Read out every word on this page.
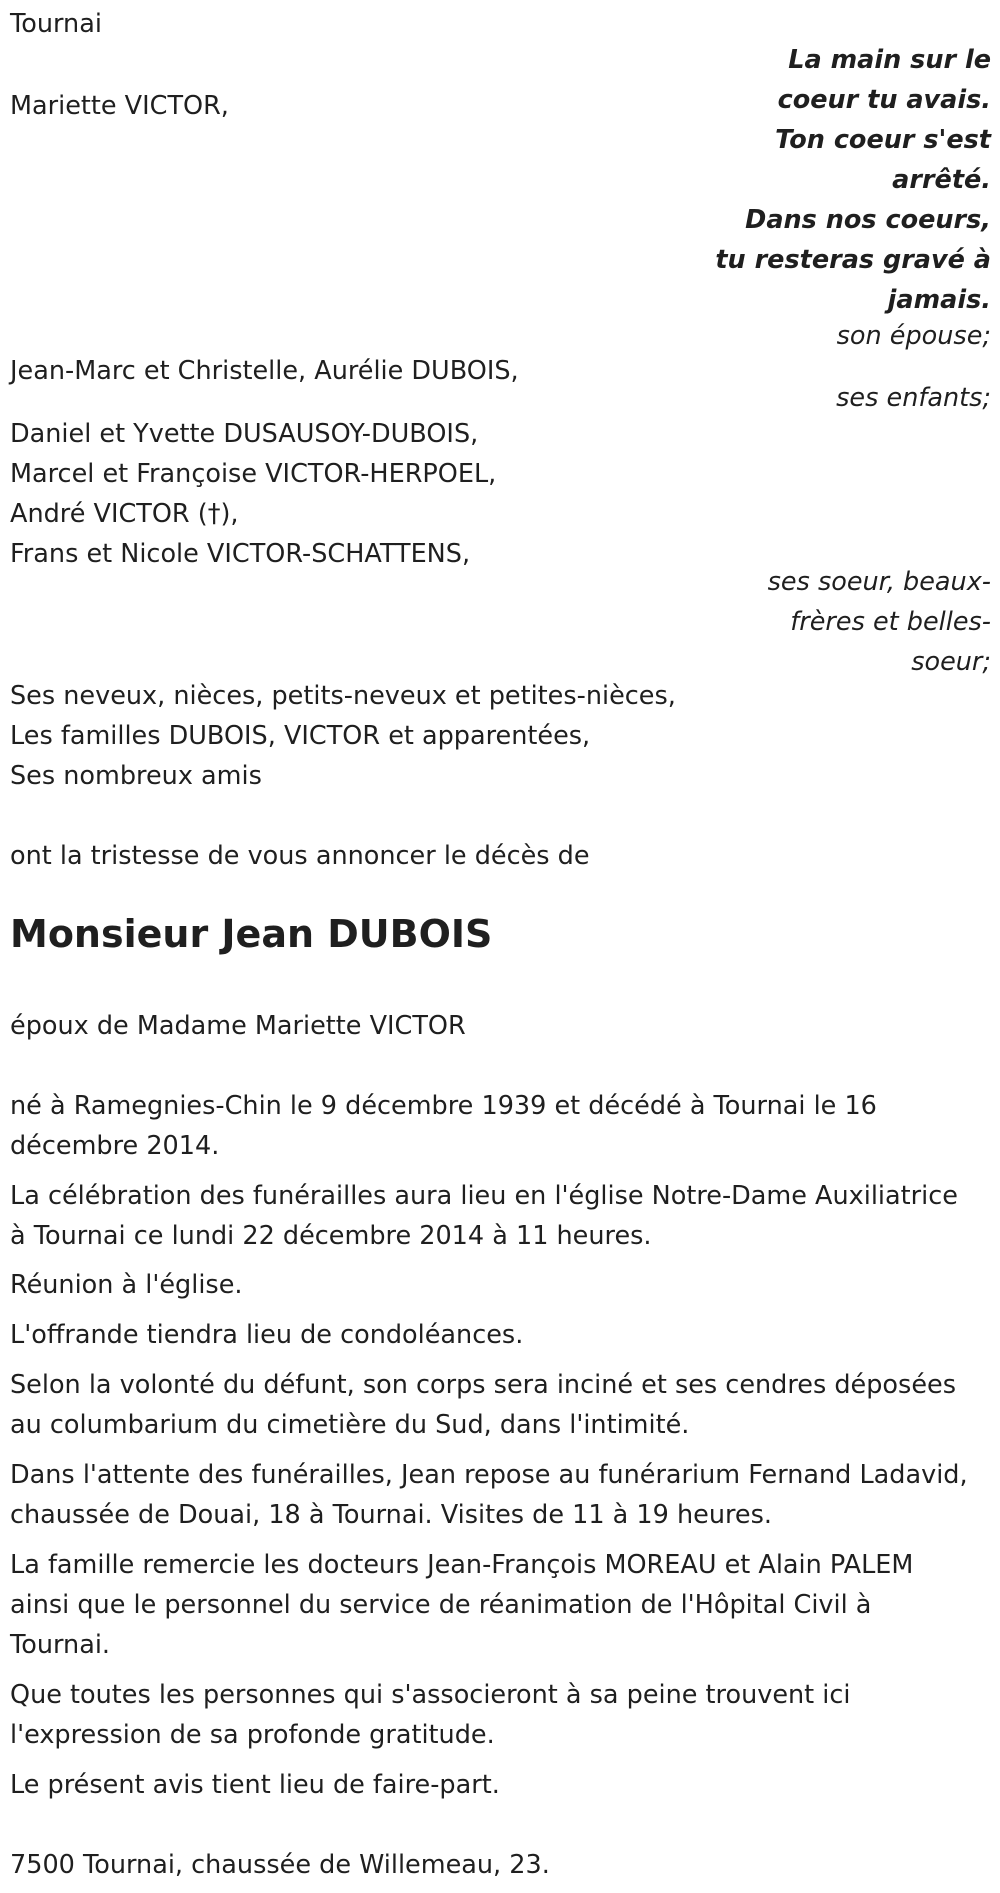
Tournai

Mariette VICTOR,

La main sur le

coeur tu avais.

Ton coeur s'est

arrêté.

Dans nos coeurs,

tu resteras gravé à

jamais.

son épouse;

Jean-Marc et Christelle, Aurélie DUBOIS,

ses enfants;

Daniel et Yvette DUSAUSOY-DUBOIS,

Marcel et Françoise VICTOR-HERPOEL,

André VICTOR (†),

Frans et Nicole VICTOR-SCHATTENS,

ses soeur, beaux-

frères et belles-

soeur;

Ses neveux, nièces, petits-neveux et petites-nièces,

Les familles DUBOIS, VICTOR et apparentées,

Ses nombreux amis

ont la tristesse de vous annoncer le décès de

Monsieur Jean DUBOIS

époux de Madame Mariette VICTOR

né à Ramegnies-Chin le 9 décembre 1939 et décédé à Tournai le 16 décembre 2014.

La célébration des funérailles aura lieu en l'église Notre-Dame Auxiliatrice à Tournai ce lundi 22 décembre 2014 à 11 heures.

Réunion à l'église.

L'offrande tiendra lieu de condoléances.

Selon la volonté du défunt, son corps sera inciné et ses cendres déposées au columbarium du cimetière du Sud, dans l'intimité.

Dans l'attente des funérailles, Jean repose au funérarium Fernand Ladavid, chaussée de Douai, 18 à Tournai. Visites de 11 à 19 heures.

La famille remercie les docteurs Jean-François MOREAU et Alain PALEM ainsi que le personnel du service de réanimation de l'Hôpital Civil à Tournai.

Que toutes les personnes qui s'associeront à sa peine trouvent ici l'expression de sa profonde gratitude.

Le présent avis tient lieu de faire-part.

7500 Tournai, chaussée de Willemeau, 23.
